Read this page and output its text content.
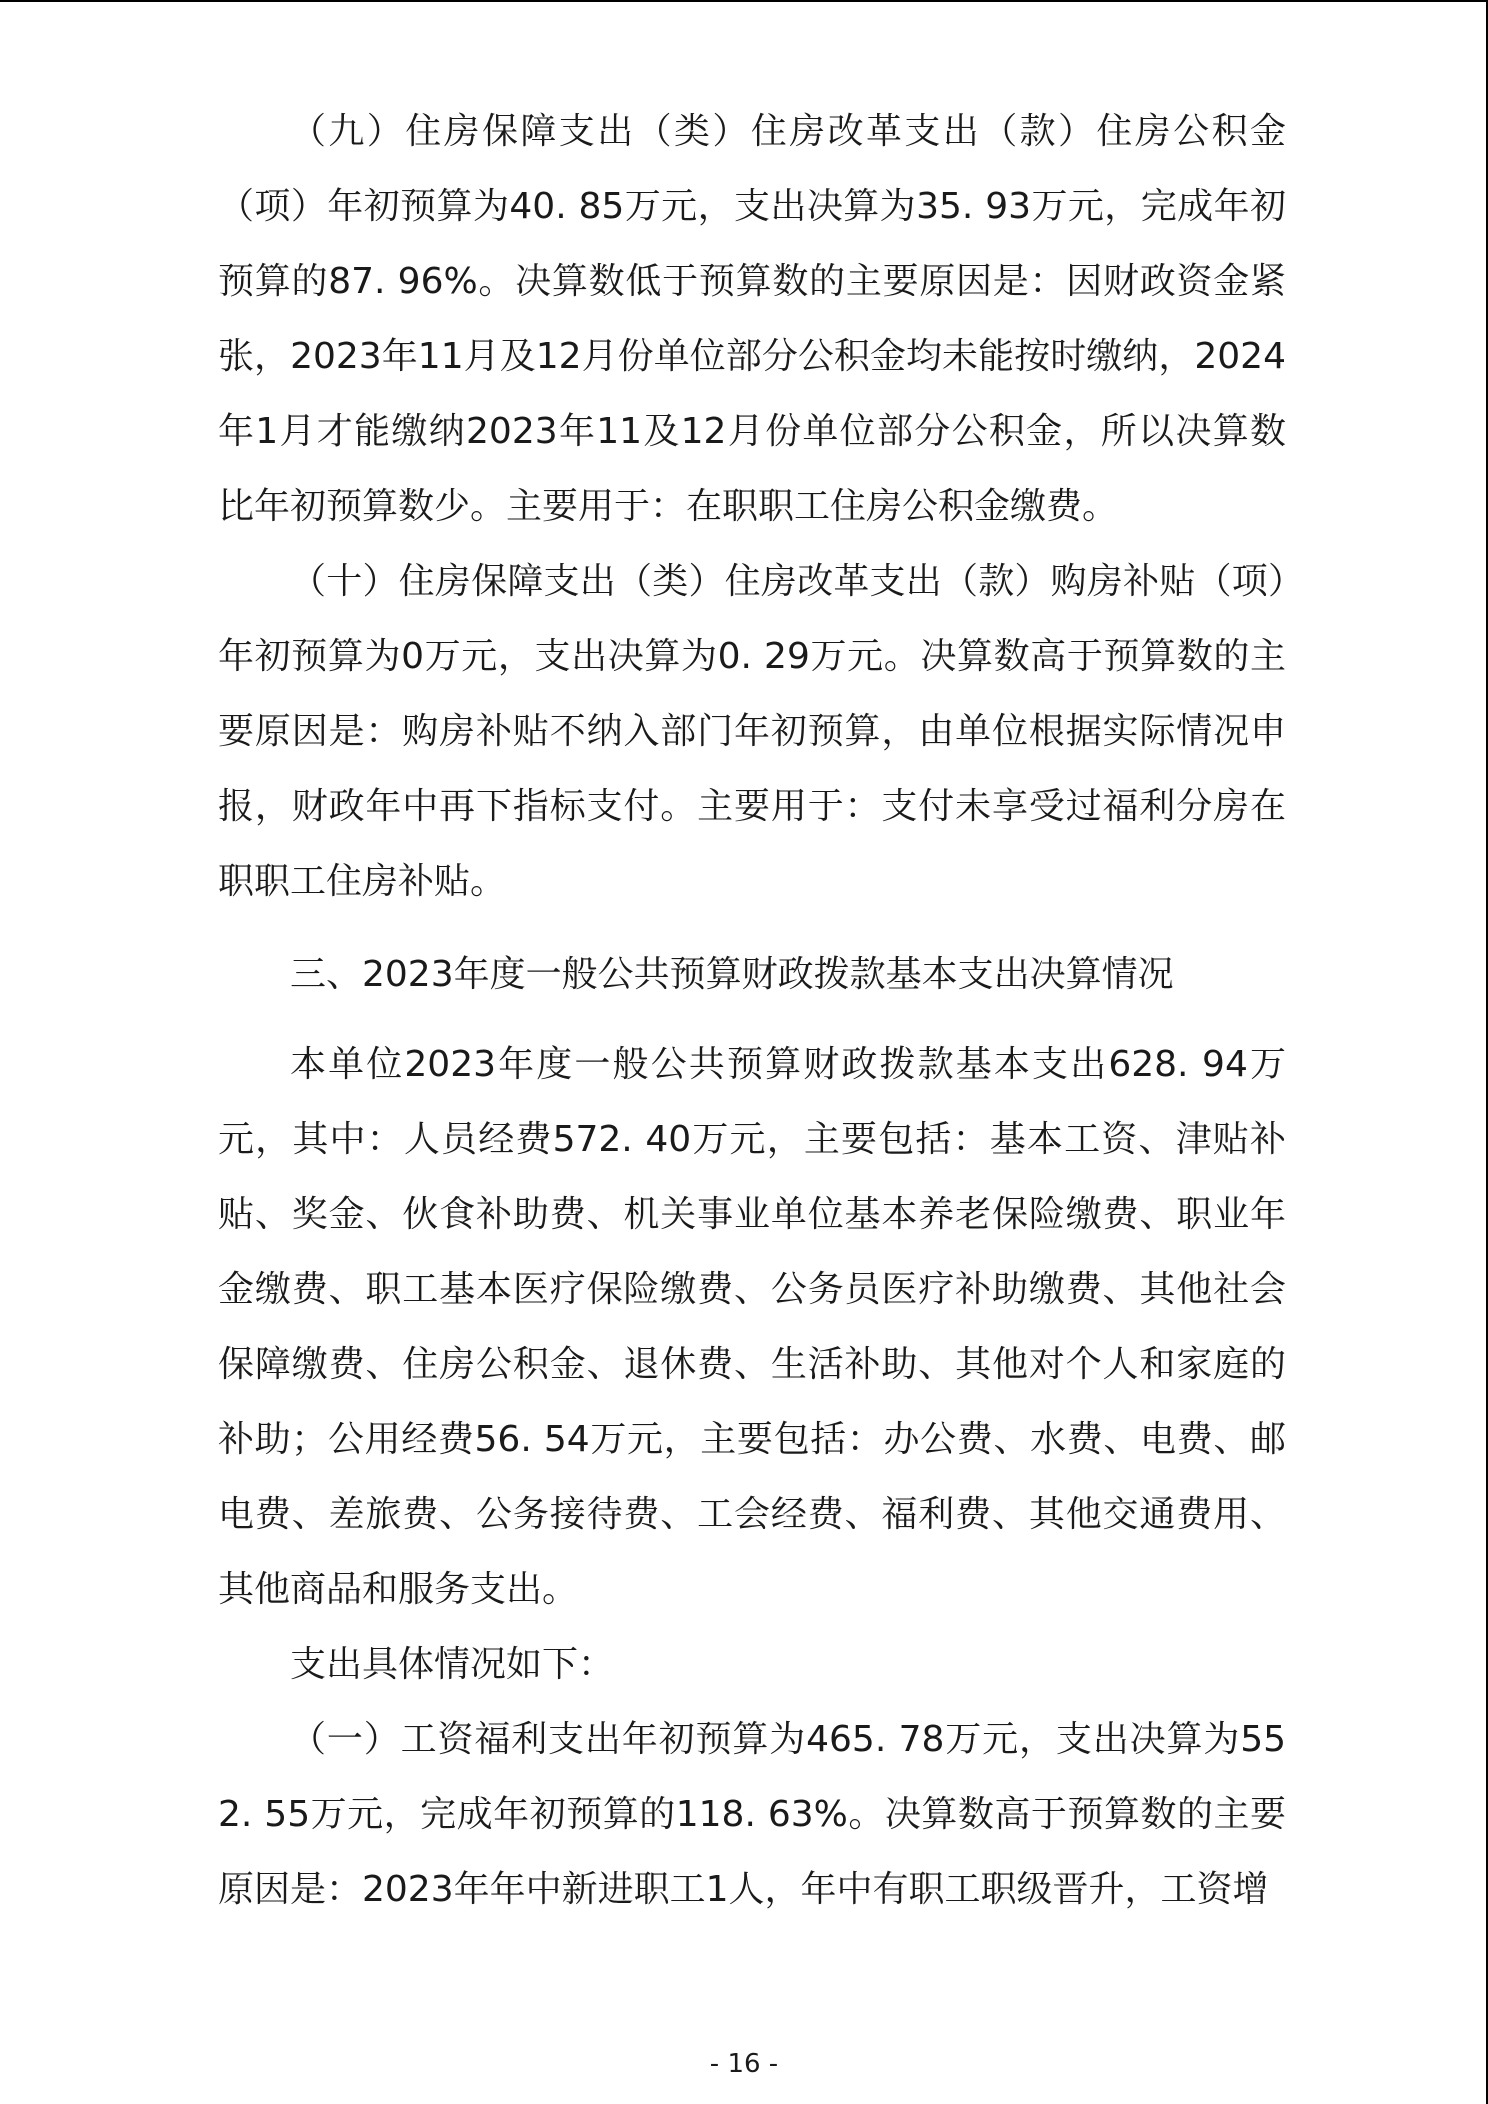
（九）住房保障支出（类）住房改革支出（款）住房公积金（项）年初预算为40. 85万元，支出决算为35. 93万元，完成年初预算的87. 96%。决算数低于预算数的主要原因是：因财政资金紧张，2023年11月及12月份单位部分公积金均未能按时缴纳，2024年1月才能缴纳2023年11及12月份单位部分公积金，所以决算数比年初预算数少。主要用于：在职职工住房公积金缴费。

（十）住房保障支出（类）住房改革支出（款）购房补贴（项）年初预算为0万元，支出决算为0. 29万元。决算数高于预算数的主要原因是：购房补贴不纳入部门年初预算，由单位根据实际情况申报，财政年中再下指标支付。主要用于：支付未享受过福利分房在职职工住房补贴。

三、2023年度一般公共预算财政拨款基本支出决算情况

本单位2023年度一般公共预算财政拨款基本支出628. 94万元，其中：人员经费572. 40万元，主要包括：基本工资、津贴补贴、奖金、伙食补助费、机关事业单位基本养老保险缴费、职业年金缴费、职工基本医疗保险缴费、公务员医疗补助缴费、其他社会保障缴费、住房公积金、退休费、生活补助、其他对个人和家庭的补助；公用经费56. 54万元，主要包括：办公费、水费、电费、邮电费、差旅费、公务接待费、工会经费、福利费、其他交通费用、其他商品和服务支出。

支出具体情况如下：

（一）工资福利支出年初预算为465. 78万元，支出决算为552. 55万元，完成年初预算的118. 63%。决算数高于预算数的主要原因是：2023年年中新进职工1人，年中有职工职级晋升，工资增

- 16 -
